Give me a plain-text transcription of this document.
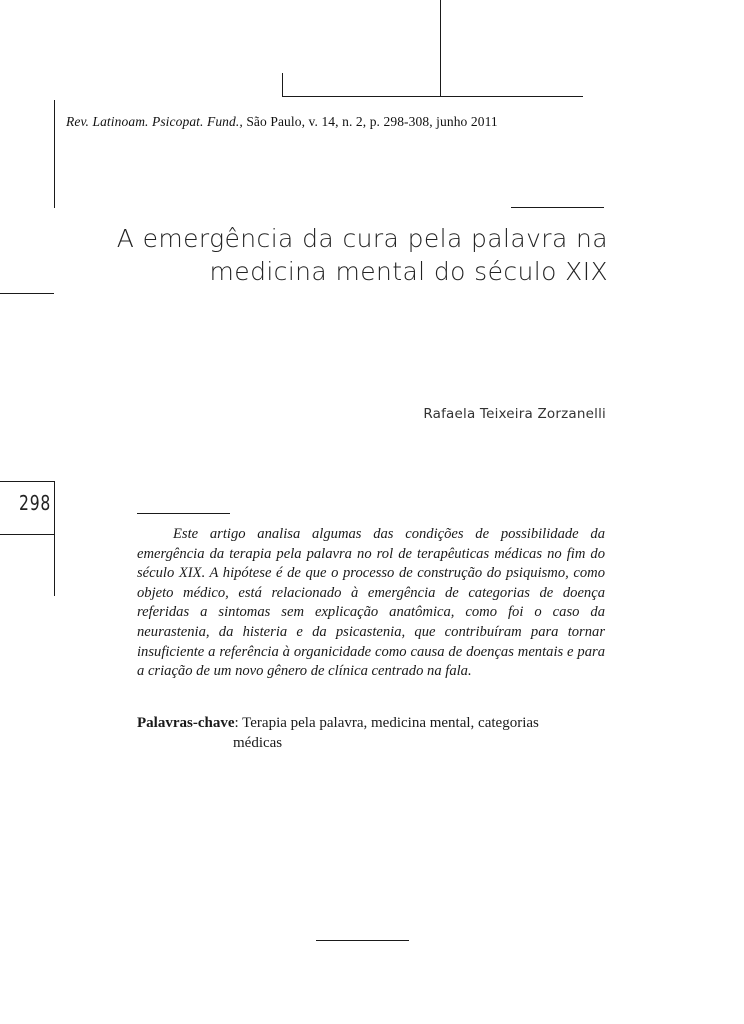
Rev. Latinoam. Psicopat. Fund., São Paulo, v. 14, n. 2, p. 298-308, junho 2011
A emergência da cura pela palavra na
medicina mental do século XIX
Rafaela Teixeira Zorzanelli
298

Este artigo analisa algumas das condições de possibilidade da emergência da terapia pela palavra no rol de terapêuticas médicas no fim do século XIX. A hipótese é de que o processo de construção do psiquismo, como objeto médico, está relacionado à emergência de categorias de doença referidas a sintomas sem explicação anatômica, como foi o caso da neurastenia, da histeria e da psicastenia, que contribuíram para tornar insuficiente a referência à organicidade como causa de doenças mentais e para a criação de um novo gênero de clínica centrado na fala.

Palavras-chave: Terapia pela palavra, medicina mental, categorias
médicas
